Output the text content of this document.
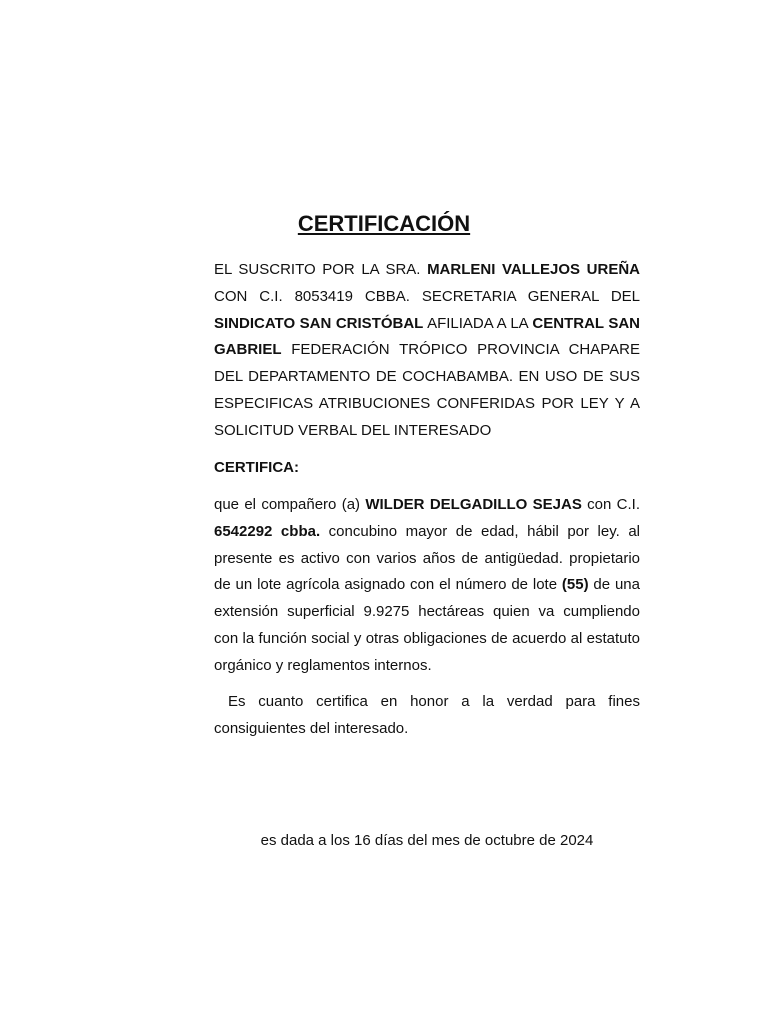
CERTIFICACIÓN
EL SUSCRITO POR LA SRA. MARLENI VALLEJOS UREÑA CON C.I. 8053419 CBBA. SECRETARIA GENERAL DEL SINDICATO SAN CRISTÓBAL AFILIADA A LA CENTRAL SAN GABRIEL FEDERACIÓN TRÓPICO PROVINCIA CHAPARE DEL DEPARTAMENTO DE COCHABAMBA. EN USO DE SUS ESPECIFICAS ATRIBUCIONES CONFERIDAS POR LEY Y A SOLICITUD VERBAL DEL INTERESADO
CERTIFICA:
que el compañero (a) WILDER DELGADILLO SEJAS con C.I. 6542292 cbba. concubino mayor de edad, hábil por ley. al presente es activo con varios años de antigüedad. propietario de un lote agrícola asignado con el número de lote (55) de una extensión superficial 9.9275 hectáreas quien va cumpliendo con la función social y otras obligaciones de acuerdo al estatuto orgánico y reglamentos internos.
Es cuanto certifica en honor a la verdad para fines consiguientes del interesado.
es dada a los 16 días del mes de octubre de 2024
